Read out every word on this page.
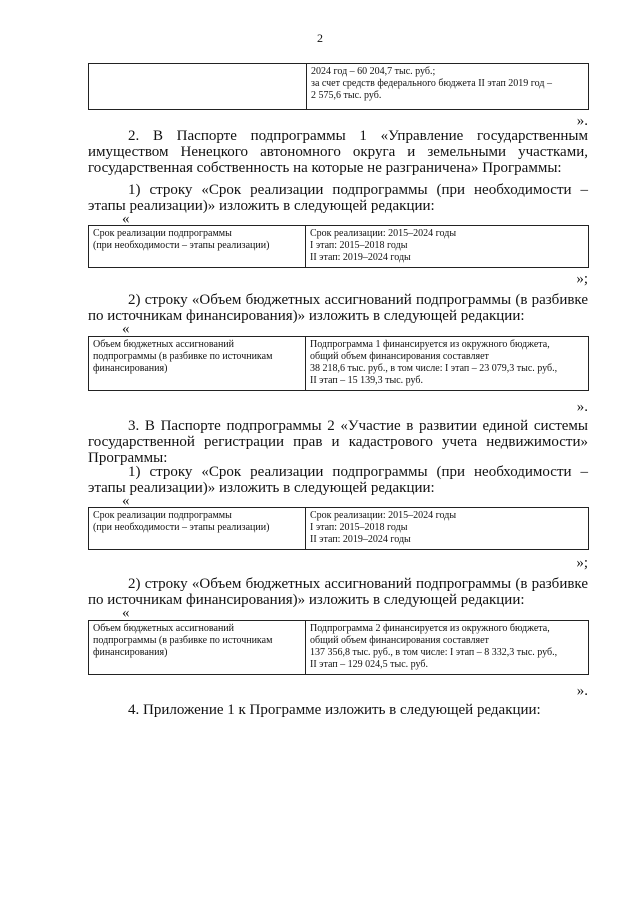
2

2024 год – 60 204,7 тыс. руб.;
за счет средств федерального бюджета II этап 2019 год –
2 575,6 тыс. руб.
».

2. В Паспорте подпрограммы 1 «Управление государственным имуществом Ненецкого автономного округа и земельными участками, государственная собственность на которые не разграничена» Программы:

1) строку «Срок реализации подпрограммы (при необходимости – этапы реализации)» изложить в следующей редакции:

«
Срок реализации подпрограммы
(при необходимости – этапы реализации)

Срок реализации: 2015–2024 годы
I этап: 2015–2018 годы
II этап: 2019–2024 годы
»;

2) строку «Объем бюджетных ассигнований подпрограммы (в разбивке по источникам финансирования)» изложить в следующей редакции:

«
Объем бюджетных ассигнований
подпрограммы (в разбивке по источникам
финансирования)

Подпрограмма 1 финансируется из окружного бюджета,
общий объем финансирования составляет
38 218,6 тыс. руб., в том числе: I этап – 23 079,3 тыс. руб.,
II этап – 15 139,3 тыс. руб.
».

3. В Паспорте подпрограммы 2 «Участие в развитии единой системы государственной регистрации прав и кадастрового учета недвижимости» Программы:

1) строку «Срок реализации подпрограммы (при необходимости – этапы реализации)» изложить в следующей редакции:

«
Срок реализации подпрограммы
(при необходимости – этапы реализации)

Срок реализации: 2015–2024 годы
I этап: 2015–2018 годы
II этап: 2019–2024 годы
»;

2) строку «Объем бюджетных ассигнований подпрограммы (в разбивке по источникам финансирования)» изложить в следующей редакции:

«
Объем бюджетных ассигнований
подпрограммы (в разбивке по источникам
финансирования)

Подпрограмма 2 финансируется из окружного бюджета,
общий объем финансирования составляет
137 356,8 тыс. руб., в том числе: I этап – 8 332,3 тыс. руб.,
II этап – 129 024,5 тыс. руб.
».
4. Приложение 1 к Программе изложить в следующей редакции:
